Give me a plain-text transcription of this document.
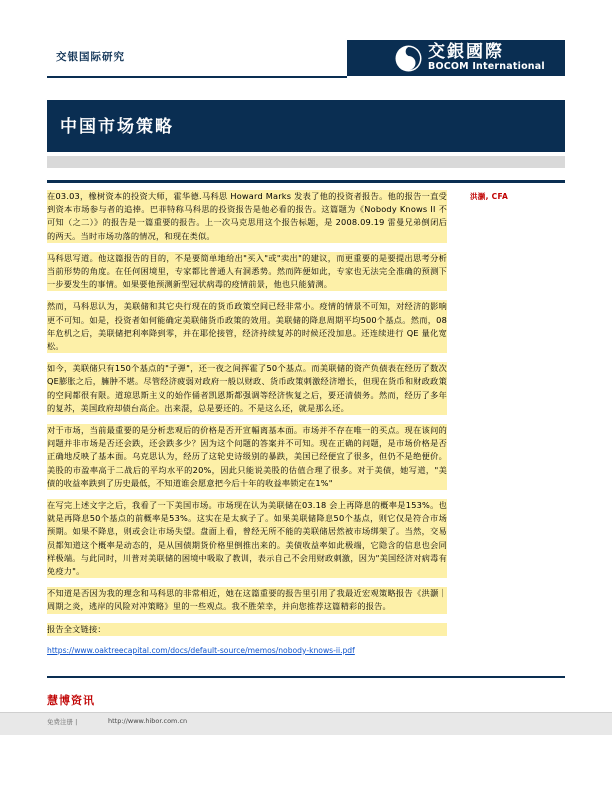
交银国际研究	交銀國際
BOCOM International
中国市场策略
洪灏, CFA

在03.03，橡树资本的投资大师，霍华德.马科思 Howard Marks 发表了他的投资者报告。他的报告一直受到资本市场参与者的追捧。巴菲特称马科思的投资报告是他必看的报告。这篇题为《Nobody Knows II 不可知（之二）》的报告是一篇重要的报告。上一次马克思用这个报告标题，是 2008.09.19 雷曼兄弟倒闭后的两天。当时市场功落的情况，和现在类似。

马科思写道。他这篇报告的目的，不是要简单地给出"买入"或"卖出"的建议，而更重要的是要提出思考分析当前形势的角度。在任何困境里，专家都比普通人有洞悉势。然而阵便如此，专家也无法完全准确的预测下一步要发生的事情。如果要他预测新型冠状病毒的疫情前景，他也只能猜测。

然而，马科思认为，美联储和其它央行现在的货币政策空间已经非常小。疫情的情景不可知，对经济的影响更不可知。如是，投资者如何能确定美联储货币政策的效用。美联储的降息周期平均500个基点。然而，08年危机之后，美联储把利率降到零，并在耶伦接管，经济持续复苏的时候还没加息。还连续进行 QE 量化宽松。

如今，美联储只有150个基点的"子弹"，还一夜之间挥霍了50个基点。而美联储的资产负债表在经历了数次QE膨胀之后，臃肿不堪。尽管经济疲弱对政府一般以财政、货币政策刺激经济增长，但现在货币和财政政策的空间都很有限。道琼思斯主义的始作俑者凯恩斯都强调等经济恢复之后，要还清债务。然而，经历了多年的复苏，美国政府却债台高企。出来混，总是要还的。不是这么还，就是那么还。

对于市场，当前最重要的是分析悲观后的价格是否开宣幅离基本面。市场并不存在唯一的买点。现在该问的问题并非市场是否还会跌，还会跌多少？因为这个问题的答案并不可知。现在正确的问题，是市场价格是否正确地反映了基本面。乌克思认为，经历了这轮史诗级别的暴跌，美国已经便宜了很多，但仍不是绝便价。美股的市盈率高于二战后的平均水平的20%，因此只能说美股的估值合理了很多。对于美债，她写道，"美债的收益率跌到了历史最低，不知道谁会愿意把今后十年的收益率锁定在1%"

在写完上述文字之后，我看了一下美国市场。市场现在认为美联储在03.18 会上再降息的概率是153%。也就是再降息50个基点的前概率是53%。这实在是太疯子了。如果美联储降息50个基点，则它仅是符合市场预期。如果不降息，则或会让市场失望。盘面上看，曾经无所不能的美联储居然被市场绑架了。当然，交易员都知道这个概率是动态的，是从国债期货价格里倒推出来的。美债收益率如此极端，它隐含的信息也会同样极端。与此同时，川普对美联储的困境中吸取了教训，表示自己不会用财政刺激，因为"美国经济对病毒有免疫力"。

不知道是否因为我的理念和马科思的非常相近，她在这篇重要的报告里引用了我最近宏观策略报告《洪灏｜周期之炎，逃岸的风险对冲策略》里的一些观点。我不胜荣幸，并向您推荐这篇精彩的报告。

报告全文链接：

https://www.oaktreecapital.com/docs/default-source/memos/nobody-knows-ii.pdf

慧博资讯
免费注册 |	http://www.hibor.com.cn
